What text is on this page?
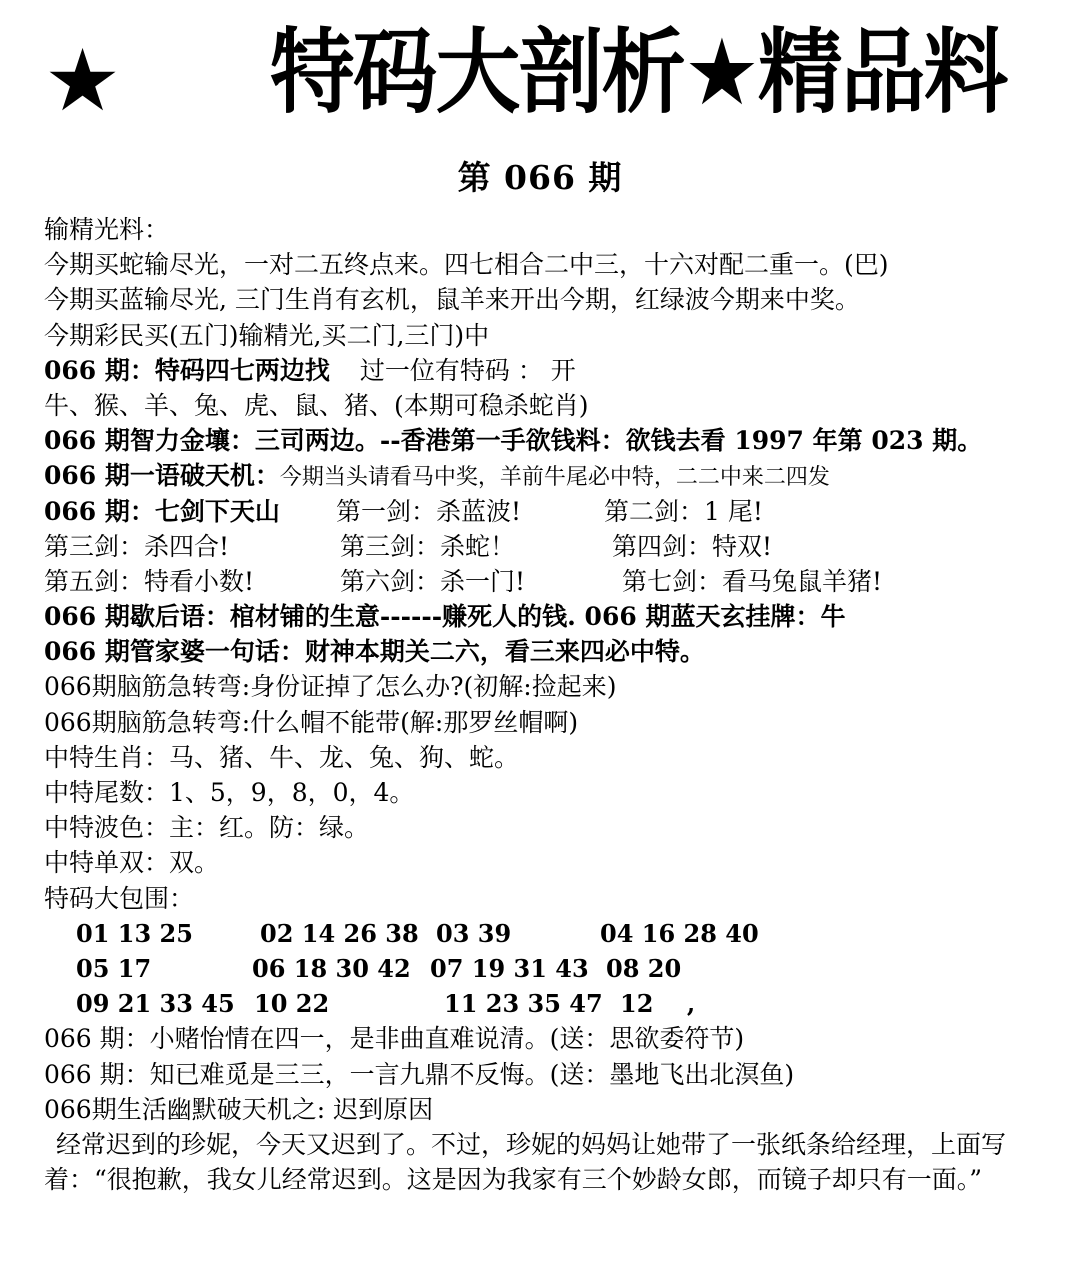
★ 特码大剖析★精品料
第 066 期
输精光料：
今期买蛇输尽光，一对二五终点来。四七相合二中三，十六对配二重一。(巴)
今期买蓝输尽光, 三门生肖有玄机，鼠羊来开出今期，红绿波今期来中奖。
今期彩民买(五门)输精光,买二门,三门)中
066 期：特码四七两边找 过一位有特码 ： 开
牛、猴、羊、兔、虎、鼠、猪、(本期可稳杀蛇肖)
066 期智力金壤：三司两边。--香港第一手欲钱料：欲钱去看 1997 年第 023 期。
066 期一语破天机：今期当头请看马中奖，羊前牛尾必中特，二二中来二四发
066 期：七剑下天山 第一剑：杀蓝波!	第二剑：1 尾!
第三剑：杀四合!	第三剑：杀蛇！	第四剑：特双!
第五剑：特看小数!	第六剑：杀一门!	第七剑：看马兔鼠羊猪!
066 期歇后语：棺材铺的生意------赚死人的钱. 066 期蓝天玄挂牌：牛
066 期管家婆一句话：财神本期关二六，看三来四必中特。
066期脑筋急转弯:身份证掉了怎么办?(初解:捡起来)
066期脑筋急转弯:什么帽不能带(解:那罗丝帽啊)
中特生肖：马、猪、牛、龙、兔、狗、蛇。
中特尾数：1、5，9，8，0，4。
中特波色：主：红。防：绿。
中特单双：双。
特码大包围：
01 13 25	02 14 26 38 03 39	04 16 28 40
05 17	06 18 30 42 07 19 31 43 08 20
09 21 33 45 10 22	11 23 35 47 12    ,
066 期：小赌怡情在四一，是非曲直难说清。(送：思欲委符节)
066 期：知已难觅是三三，一言九鼎不反悔。(送：墨地飞出北溟鱼)
066期生活幽默破天机之: 迟到原因
经常迟到的珍妮，今天又迟到了。不过，珍妮的妈妈让她带了一张纸条给经理，上面写着：“很抱歉，我女儿经常迟到。这是因为我家有三个妙龄女郎，而镜子却只有一面。”
